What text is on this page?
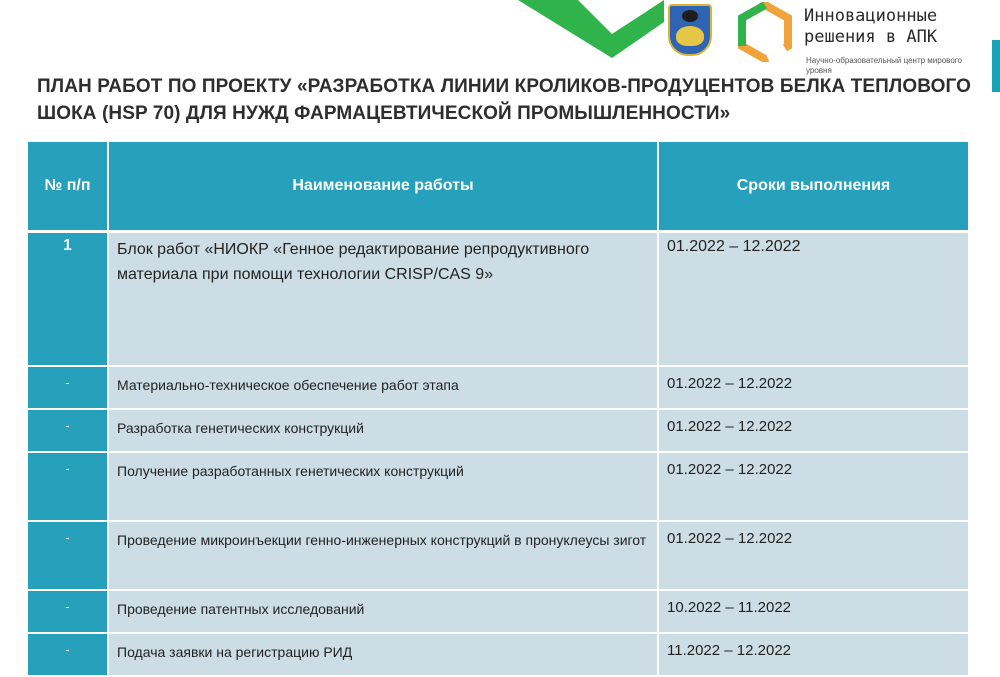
Инновационные решения в АПК
Научно-образовательный центр мирового уровня
ПЛАН РАБОТ ПО ПРОЕКТУ «РАЗРАБОТКА ЛИНИИ КРОЛИКОВ-ПРОДУЦЕНТОВ БЕЛКА ТЕПЛОВОГО ШОКА (HSP 70) ДЛЯ НУЖД ФАРМАЦЕВТИЧЕСКОЙ ПРОМЫШЛЕННОСТИ»
№ п/п	Наименование работы	Сроки выполнения
1	Блок работ «НИОКР «Генное редактирование репродуктивного материала при помощи технологии CRISP/CAS 9»	01.2022 – 12.2022
-	Материально-техническое обеспечение работ этапа	01.2022 – 12.2022
-	Разработка генетических конструкций	01.2022 – 12.2022
-	Получение разработанных генетических конструкций	01.2022 – 12.2022
-	Проведение микроинъекции генно-инженерных конструкций в пронуклеусы зигот	01.2022 – 12.2022
-	Проведение патентных исследований	10.2022 – 11.2022
-	Подача заявки на регистрацию РИД	11.2022 – 12.2022
